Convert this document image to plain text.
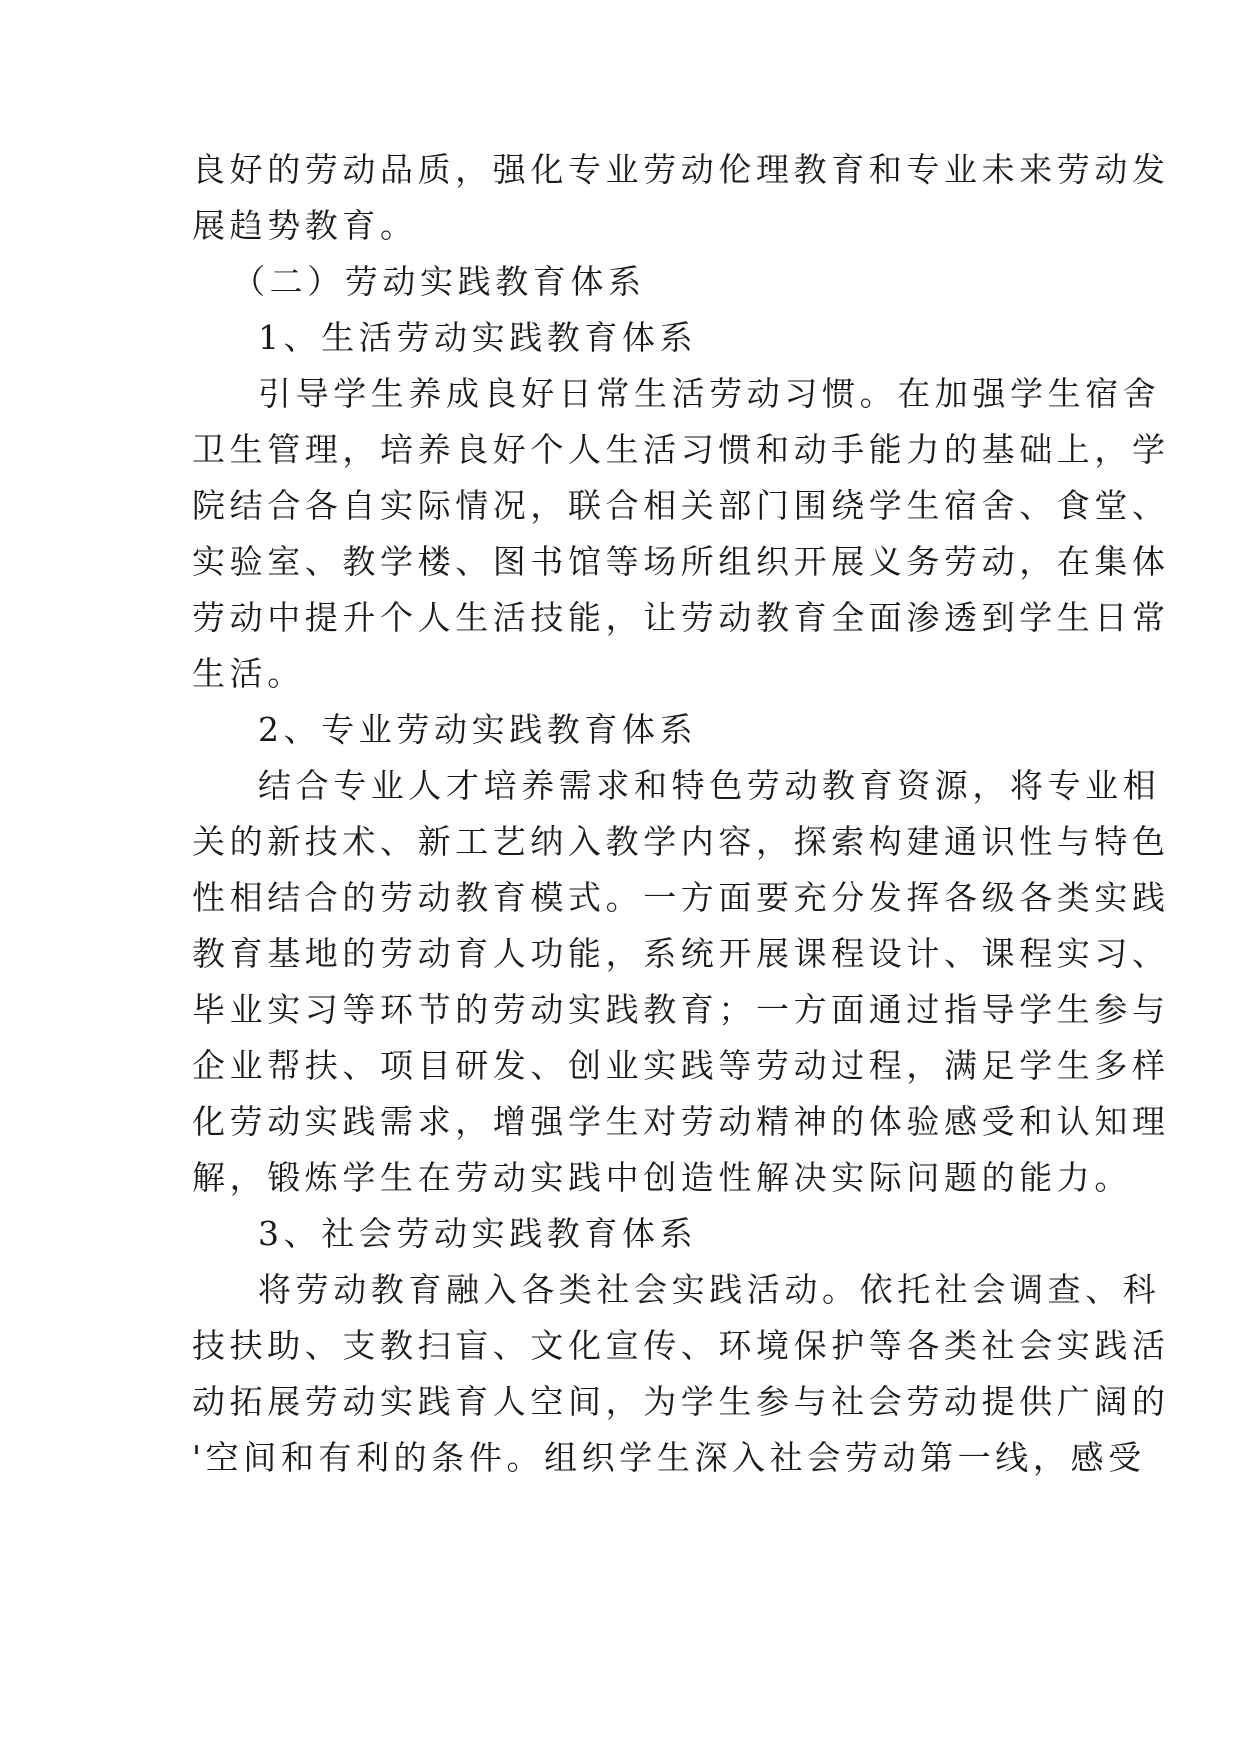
良好的劳动品质，强化专业劳动伦理教育和专业未来劳动发
展趋势教育。
（二）劳动实践教育体系
1、生活劳动实践教育体系
引导学生养成良好日常生活劳动习惯。在加强学生宿舍
卫生管理，培养良好个人生活习惯和动手能力的基础上，学
院结合各自实际情况，联合相关部门围绕学生宿舍、食堂、
实验室、教学楼、图书馆等场所组织开展义务劳动，在集体
劳动中提升个人生活技能，让劳动教育全面渗透到学生日常
生活。
2、专业劳动实践教育体系
结合专业人才培养需求和特色劳动教育资源，将专业相
关的新技术、新工艺纳入教学内容，探索构建通识性与特色
性相结合的劳动教育模式。一方面要充分发挥各级各类实践
教育基地的劳动育人功能，系统开展课程设计、课程实习、
毕业实习等环节的劳动实践教育；一方面通过指导学生参与
企业帮扶、项目研发、创业实践等劳动过程，满足学生多样
化劳动实践需求，增强学生对劳动精神的体验感受和认知理
解，锻炼学生在劳动实践中创造性解决实际问题的能力。
3、社会劳动实践教育体系
将劳动教育融入各类社会实践活动。依托社会调查、科
技扶助、支教扫盲、文化宣传、环境保护等各类社会实践活
动拓展劳动实践育人空间，为学生参与社会劳动提供广阔的
'空间和有利的条件。组织学生深入社会劳动第一线，感受
